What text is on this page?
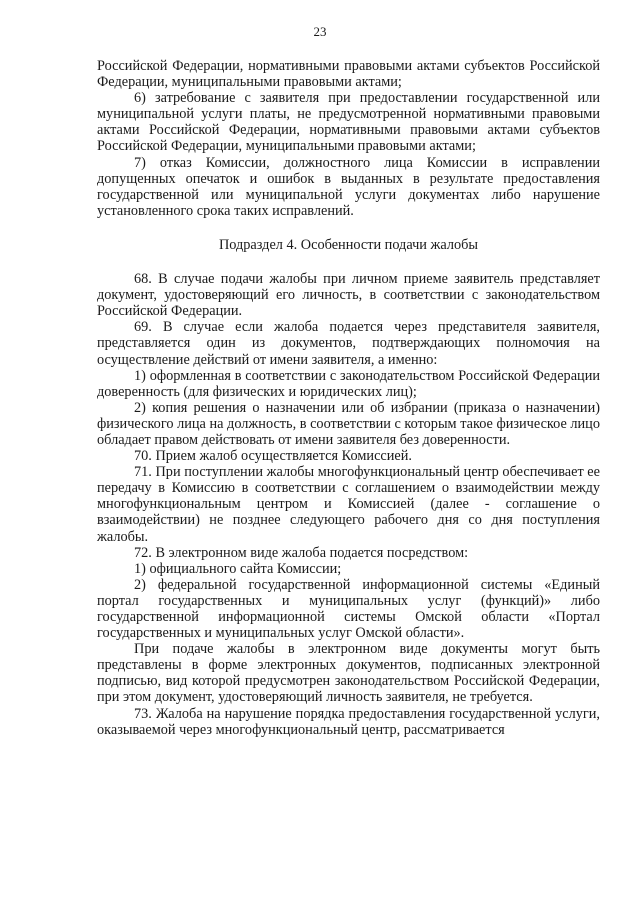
23

Российской Федерации, нормативными правовыми актами субъектов Российской Федерации, муниципальными правовыми актами;

6) затребование с заявителя при предоставлении государственной или муниципальной услуги платы, не предусмотренной нормативными правовыми актами Российской Федерации, нормативными правовыми актами субъектов Российской Федерации, муниципальными правовыми актами;

7) отказ Комиссии, должностного лица Комиссии в исправлении допущенных опечаток и ошибок в выданных в результате предоставления государственной или муниципальной услуги документах либо нарушение установленного срока таких исправлений.

Подраздел 4. Особенности подачи жалобы

68. В случае подачи жалобы при личном приеме заявитель представляет документ, удостоверяющий его личность, в соответствии с законодательством Российской Федерации.

69. В случае если жалоба подается через представителя заявителя, представляется один из документов, подтверждающих полномочия на осуществление действий от имени заявителя, а именно:

1) оформленная в соответствии с законодательством Российской Федерации доверенность (для физических и юридических лиц);

2) копия решения о назначении или об избрании (приказа о назначении) физического лица на должность, в соответствии с которым такое физическое лицо обладает правом действовать от имени заявителя без доверенности.

70. Прием жалоб осуществляется Комиссией.

71. При поступлении жалобы многофункциональный центр обеспечивает ее передачу в Комиссию в соответствии с соглашением о взаимодействии между многофункциональным центром и Комиссией (далее - соглашение о взаимодействии) не позднее следующего рабочего дня со дня поступления жалобы.

72. В электронном виде жалоба подается посредством:

1) официального сайта Комиссии;

2) федеральной государственной информационной системы «Единый портал государственных и муниципальных услуг (функций)» либо государственной информационной системы Омской области «Портал государственных и муниципальных услуг Омской области».

При подаче жалобы в электронном виде документы могут быть представлены в форме электронных документов, подписанных электронной подписью, вид которой предусмотрен законодательством Российской Федерации, при этом документ, удостоверяющий личность заявителя, не требуется.

73. Жалоба на нарушение порядка предоставления государственной услуги, оказываемой через многофункциональный центр, рассматривается
